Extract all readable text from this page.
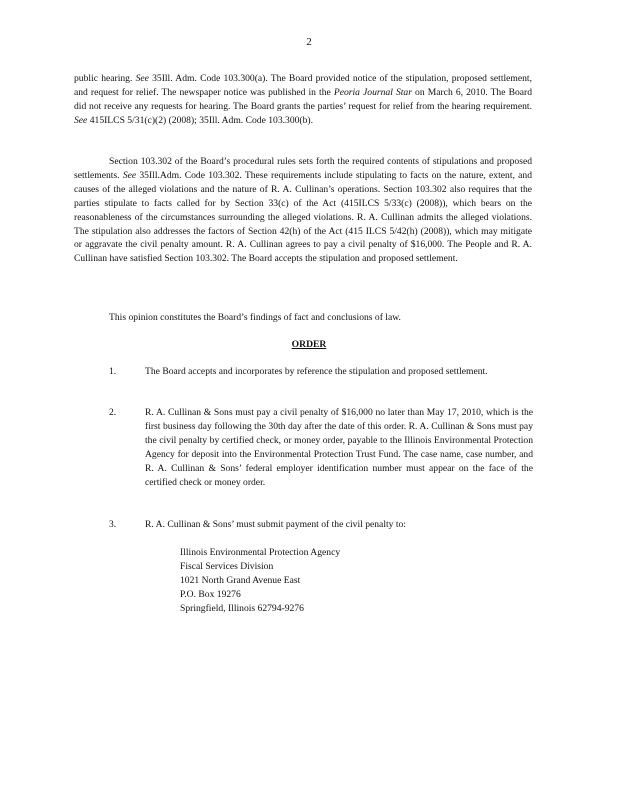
2

public hearing. See 35Ill. Adm. Code 103.300(a). The Board provided notice of the stipulation, proposed settlement, and request for relief. The newspaper notice was published in the Peoria Journal Star on March 6, 2010. The Board did not receive any requests for hearing. The Board grants the parties’ request for relief from the hearing requirement. See 415ILCS 5/31(c)(2) (2008); 35Ill. Adm. Code 103.300(b).

Section 103.302 of the Board’s procedural rules sets forth the required contents of stipulations and proposed settlements. See 35Ill.Adm. Code 103.302. These requirements include stipulating to facts on the nature, extent, and causes of the alleged violations and the nature of R. A. Cullinan’s operations. Section 103.302 also requires that the parties stipulate to facts called for by Section 33(c) of the Act (415ILCS 5/33(c) (2008)), which bears on the reasonableness of the circumstances surrounding the alleged violations. R. A. Cullinan admits the alleged violations. The stipulation also addresses the factors of Section 42(h) of the Act (415 ILCS 5/42(h) (2008)), which may mitigate or aggravate the civil penalty amount. R. A. Cullinan agrees to pay a civil penalty of $16,000. The People and R. A. Cullinan have satisfied Section 103.302. The Board accepts the stipulation and proposed settlement.

This opinion constitutes the Board’s findings of fact and conclusions of law.

ORDER
1.	The Board accepts and incorporates by reference the stipulation and proposed settlement.
2.	R. A. Cullinan & Sons must pay a civil penalty of $16,000 no later than May 17, 2010, which is the first business day following the 30th day after the date of this order. R. A. Cullinan & Sons must pay the civil penalty by certified check, or money order, payable to the Illinois Environmental Protection Agency for deposit into the Environmental Protection Trust Fund. The case name, case number, and R. A. Cullinan & Sons’ federal employer identification number must appear on the face of the certified check or money order.
3.	R. A. Cullinan & Sons’ must submit payment of the civil penalty to:
Illinois Environmental Protection Agency
Fiscal Services Division
1021 North Grand Avenue East
P.O. Box 19276
Springfield, Illinois 62794-9276
